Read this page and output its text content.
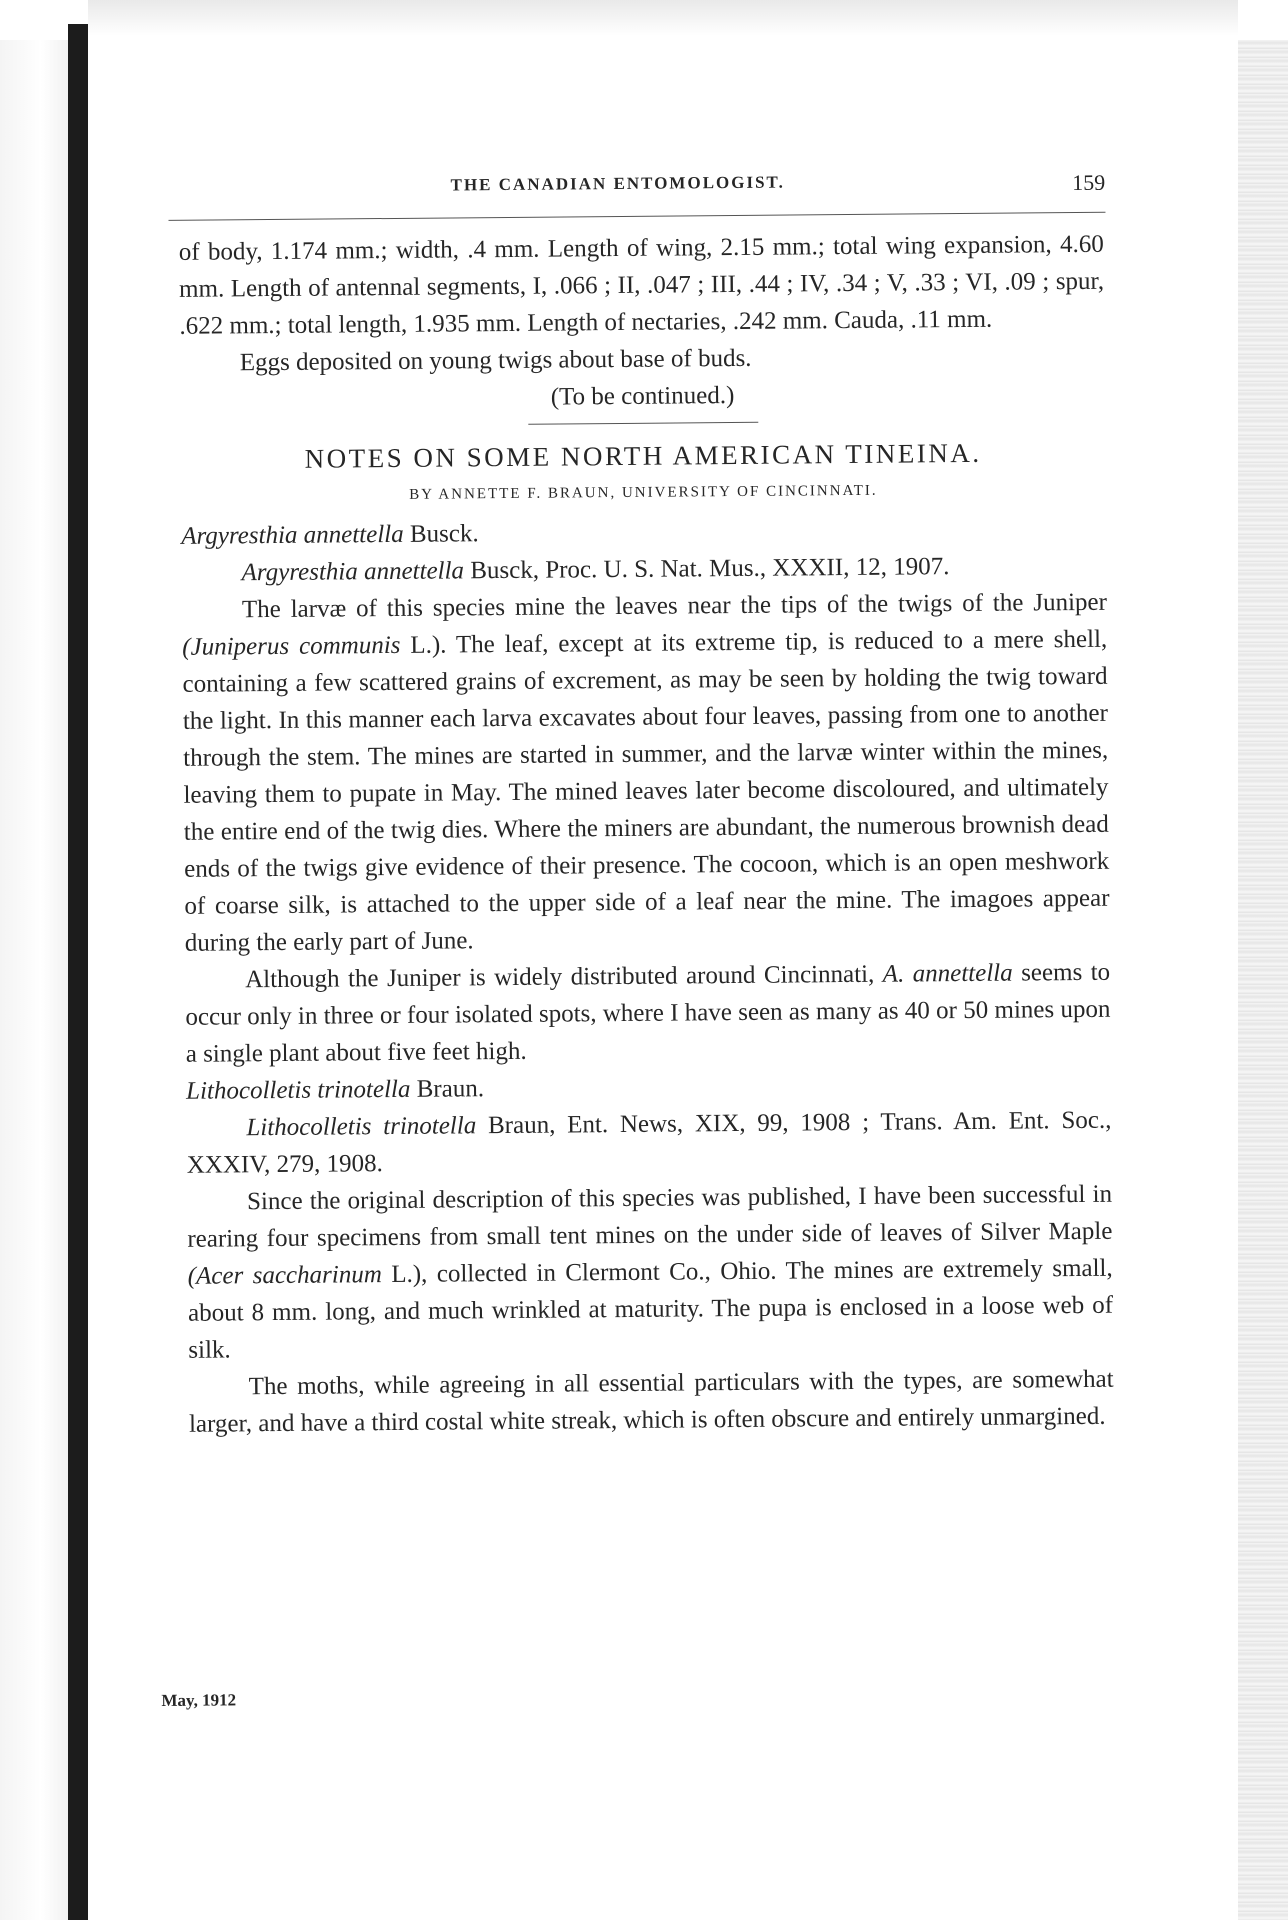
THE CANADIAN ENTOMOLOGIST.	159

of body, 1.174 mm.; width, .4 mm. Length of wing, 2.15 mm.; total wing expansion, 4.60 mm. Length of antennal segments, I, .066 ; II, .047 ; III, .44 ; IV, .34 ; V, .33 ; VI, .09 ; spur, .622 mm.; total length, 1.935 mm. Length of nectaries, .242 mm. Cauda, .11 mm.

Eggs deposited on young twigs about base of buds.

(To be continued.)

NOTES ON SOME NORTH AMERICAN TINEINA.
BY ANNETTE F. BRAUN, UNIVERSITY OF CINCINNATI.

Argyresthia annettella Busck.

Argyresthia annettella Busck, Proc. U. S. Nat. Mus., XXXII, 12, 1907.

The larvæ of this species mine the leaves near the tips of the twigs of the Juniper (Juniperus communis L.). The leaf, except at its extreme tip, is reduced to a mere shell, containing a few scattered grains of excrement, as may be seen by holding the twig toward the light. In this manner each larva excavates about four leaves, passing from one to another through the stem. The mines are started in summer, and the larvæ winter within the mines, leaving them to pupate in May. The mined leaves later become discoloured, and ultimately the entire end of the twig dies. Where the miners are abundant, the numerous brownish dead ends of the twigs give evidence of their presence. The cocoon, which is an open meshwork of coarse silk, is attached to the upper side of a leaf near the mine. The imagoes appear during the early part of June.

Although the Juniper is widely distributed around Cincinnati, A. annettella seems to occur only in three or four isolated spots, where I have seen as many as 40 or 50 mines upon a single plant about five feet high.

Lithocolletis trinotella Braun.

Lithocolletis trinotella Braun, Ent. News, XIX, 99, 1908 ; Trans. Am. Ent. Soc., XXXIV, 279, 1908.

Since the original description of this species was published, I have been successful in rearing four specimens from small tent mines on the under side of leaves of Silver Maple (Acer saccharinum L.), collected in Clermont Co., Ohio. The mines are extremely small, about 8 mm. long, and much wrinkled at maturity. The pupa is enclosed in a loose web of silk.

The moths, while agreeing in all essential particulars with the types, are somewhat larger, and have a third costal white streak, which is often obscure and entirely unmargined.

May, 1912
